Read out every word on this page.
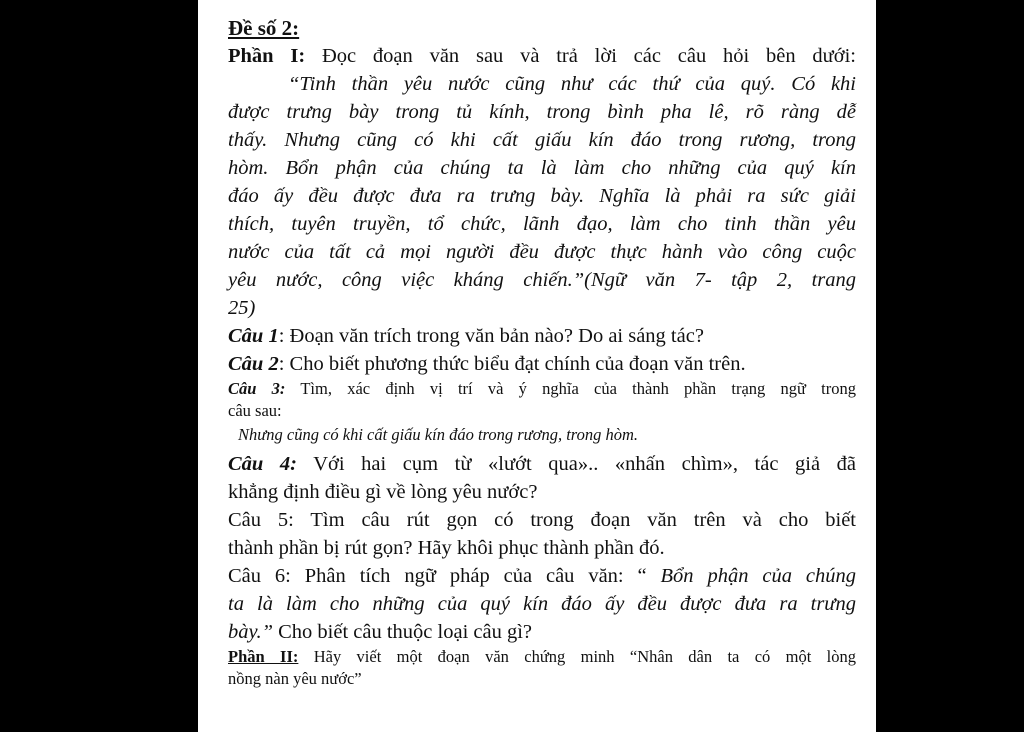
Đề số 2:
Phần I: Đọc đoạn văn sau và trả lời các câu hỏi bên dưới:
“Tinh thần yêu nước cũng như các thứ của quý. Có khi
được trưng bày trong tủ kính, trong bình pha lê, rõ ràng dễ
thấy. Nhưng cũng có khi cất giấu kín đáo trong rương, trong
hòm. Bổn phận của chúng ta là làm cho những của quý kín
đáo ấy đều được đưa ra trưng bày. Nghĩa là phải ra sức giải
thích, tuyên truyền, tổ chức, lãnh đạo, làm cho tinh thần yêu
nước của tất cả mọi người đều được thực hành vào công cuộc
yêu nước, công việc kháng chiến.”(Ngữ văn 7- tập 2, trang
25)
Câu 1: Đoạn văn trích trong văn bản nào? Do ai sáng tác?
Câu 2: Cho biết phương thức biểu đạt chính của đoạn văn trên.
Câu 3: Tìm, xác định vị trí và ý nghĩa của thành phần trạng ngữ trong
câu sau:
Nhưng cũng có khi cất giấu kín đáo trong rương, trong hòm.
Câu 4: Với hai cụm từ «lướt qua».. «nhấn chìm», tác giả đã
khẳng định điều gì về lòng yêu nước?
Câu 5: Tìm câu rút gọn có trong đoạn văn trên và cho biết
thành phần bị rút gọn? Hãy khôi phục thành phần đó.
Câu 6: Phân tích ngữ pháp của câu văn: “ Bổn phận của chúng
ta là làm cho những của quý kín đáo ấy đều được đưa ra trưng
bày.” Cho biết câu thuộc loại câu gì?
Phần II: Hãy viết một đoạn văn chứng minh “Nhân dân ta có một lòng
nồng nàn yêu nước”
